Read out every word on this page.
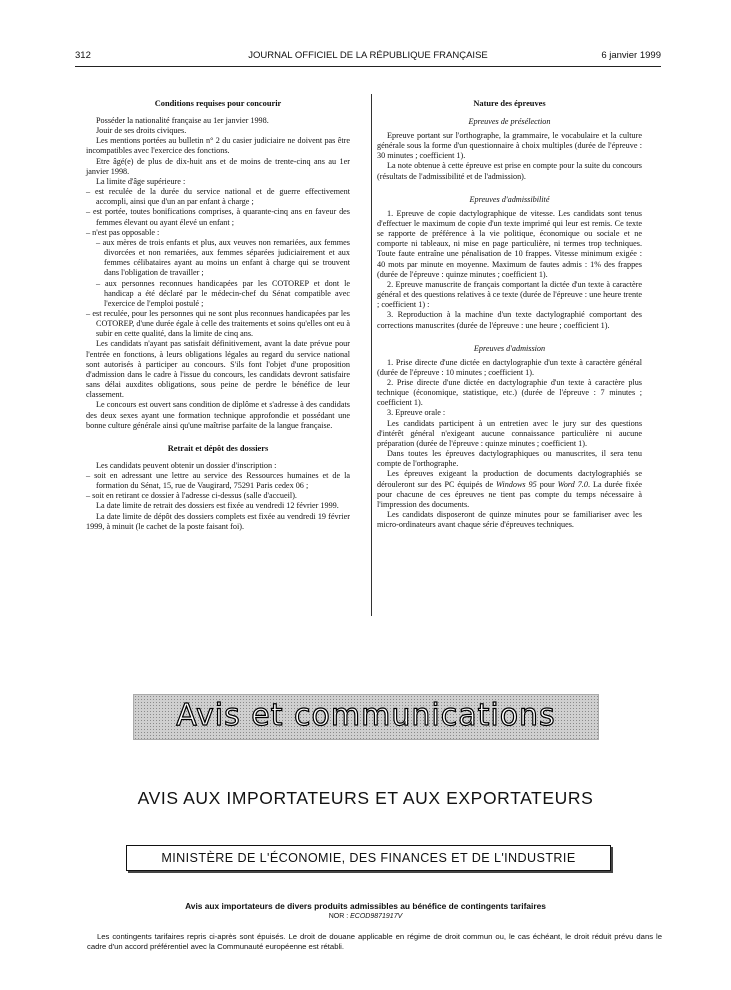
312	JOURNAL OFFICIEL DE LA RÉPUBLIQUE FRANÇAISE	6 janvier 1999
Conditions requises pour concourir

Posséder la nationalité française au 1er janvier 1998.

Jouir de ses droits civiques.

Les mentions portées au bulletin n° 2 du casier judiciaire ne doivent pas être incompatibles avec l'exercice des fonctions.

Etre âgé(e) de plus de dix-huit ans et de moins de trente-cinq ans au 1er janvier 1998.

La limite d'âge supérieure :

– est reculée de la durée du service national et de guerre effectivement accompli, ainsi que d'un an par enfant à charge ;

– est portée, toutes bonifications comprises, à quarante-cinq ans en faveur des femmes élevant ou ayant élevé un enfant ;

– n'est pas opposable :

– aux mères de trois enfants et plus, aux veuves non remariées, aux femmes divorcées et non remariées, aux femmes séparées judiciairement et aux femmes célibataires ayant au moins un enfant à charge qui se trouvent dans l'obligation de travailler ;

– aux personnes reconnues handicapées par les COTOREP et dont le handicap a été déclaré par le médecin-chef du Sénat compatible avec l'exercice de l'emploi postulé ;

– est reculée, pour les personnes qui ne sont plus reconnues handicapées par les COTOREP, d'une durée égale à celle des traitements et soins qu'elles ont eu à subir en cette qualité, dans la limite de cinq ans.

Les candidats n'ayant pas satisfait définitivement, avant la date prévue pour l'entrée en fonctions, à leurs obligations légales au regard du service national sont autorisés à participer au concours. S'ils font l'objet d'une proposition d'admission dans le cadre à l'issue du concours, les candidats devront satisfaire sans délai auxdites obligations, sous peine de perdre le bénéfice de leur classement.

Le concours est ouvert sans condition de diplôme et s'adresse à des candidats des deux sexes ayant une formation technique approfondie et possédant une bonne culture générale ainsi qu'une maîtrise parfaite de la langue française.

Retrait et dépôt des dossiers

Les candidats peuvent obtenir un dossier d'inscription :

– soit en adressant une lettre au service des Ressources humaines et de la formation du Sénat, 15, rue de Vaugirard, 75291 Paris cedex 06 ;

– soit en retirant ce dossier à l'adresse ci-dessus (salle d'accueil).

La date limite de retrait des dossiers est fixée au vendredi 12 février 1999.

La date limite de dépôt des dossiers complets est fixée au vendredi 19 février 1999, à minuit (le cachet de la poste faisant foi).

Nature des épreuves
Epreuves de présélection

Epreuve portant sur l'orthographe, la grammaire, le vocabulaire et la culture générale sous la forme d'un questionnaire à choix multiples (durée de l'épreuve : 30 minutes ; coefficient 1).

La note obtenue à cette épreuve est prise en compte pour la suite du concours (résultats de l'admissibilité et de l'admission).

Epreuves d'admissibilité

1. Epreuve de copie dactylographique de vitesse. Les candidats sont tenus d'effectuer le maximum de copie d'un texte imprimé qui leur est remis. Ce texte se rapporte de préférence à la vie politique, économique ou sociale et ne comporte ni tableaux, ni mise en page particulière, ni termes trop techniques. Toute faute entraîne une pénalisation de 10 frappes. Vitesse minimum exigée : 40 mots par minute en moyenne. Maximum de fautes admis : 1% des frappes (durée de l'épreuve : quinze minutes ; coefficient 1).

2. Epreuve manuscrite de français comportant la dictée d'un texte à caractère général et des questions relatives à ce texte (durée de l'épreuve : une heure trente ; coefficient 1) :

3. Reproduction à la machine d'un texte dactylographié comportant des corrections manuscrites (durée de l'épreuve : une heure ; coefficient 1).

Epreuves d'admission

1. Prise directe d'une dictée en dactylographie d'un texte à caractère général (durée de l'épreuve : 10 minutes ; coefficient 1).

2. Prise directe d'une dictée en dactylographie d'un texte à caractère plus technique (économique, statistique, etc.) (durée de l'épreuve : 7 minutes ; coefficient 1).

3. Epreuve orale :

Les candidats participent à un entretien avec le jury sur des questions d'intérêt général n'exigeant aucune connaissance particulière ni aucune préparation (durée de l'épreuve : quinze minutes ; coefficient 1).

Dans toutes les épreuves dactylographiques ou manuscrites, il sera tenu compte de l'orthographe.

Les épreuves exigeant la production de documents dactylographiés se dérouleront sur des PC équipés de Windows 95 pour Word 7.0. La durée fixée pour chacune de ces épreuves ne tient pas compte du temps nécessaire à l'impression des documents.

Les candidats disposeront de quinze minutes pour se familiariser avec les micro-ordinateurs avant chaque série d'épreuves techniques.

Avis et communications
AVIS AUX IMPORTATEURS ET AUX EXPORTATEURS
MINISTÈRE DE L'ÉCONOMIE, DES FINANCES ET DE L'INDUSTRIE
Avis aux importateurs de divers produits admissibles au bénéfice de contingents tarifaires
NOR : ECOD9871917V

Les contingents tarifaires repris ci-après sont épuisés. Le droit de douane applicable en régime de droit commun ou, le cas échéant, le droit réduit prévu dans le cadre d'un accord préférentiel avec la Communauté européenne est rétabli.
